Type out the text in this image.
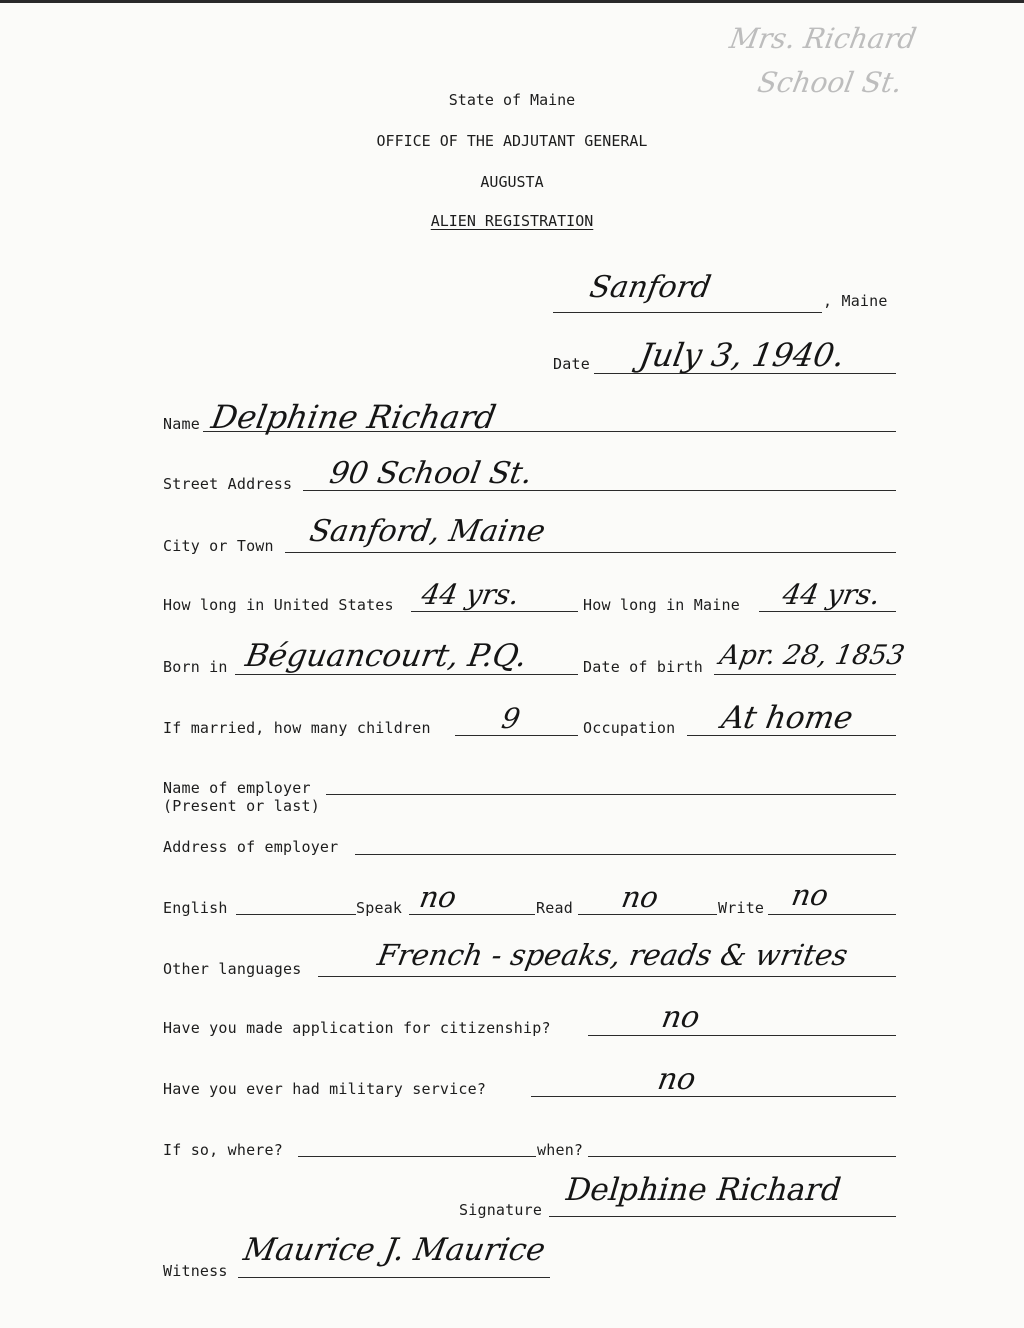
Mrs. Richard
School St.
State of Maine
OFFICE OF THE ADJUTANT GENERAL
AUGUSTA
ALIEN REGISTRATION
Sanford	, Maine
Date July 3, 1940.
Name Delphine Richard
Street Address 90 School St.
City or Town Sanford, Maine
How long in United States 44 yrs.	How long in Maine 44 yrs.
Born in Béguancourt, P.Q.	Date of birth Apr. 28, 1853
If married, how many children 9	Occupation At home
Name of employer
(Present or last)
Address of employer
English	Speak no	Read no	Write no
Other languages	French - speaks, reads & writes
Have you made application for citizenship?	no
Have you ever had military service?	no
If so, where?	when?
Signature
Delphine Richard
Witness
Maurice J. Maurice
